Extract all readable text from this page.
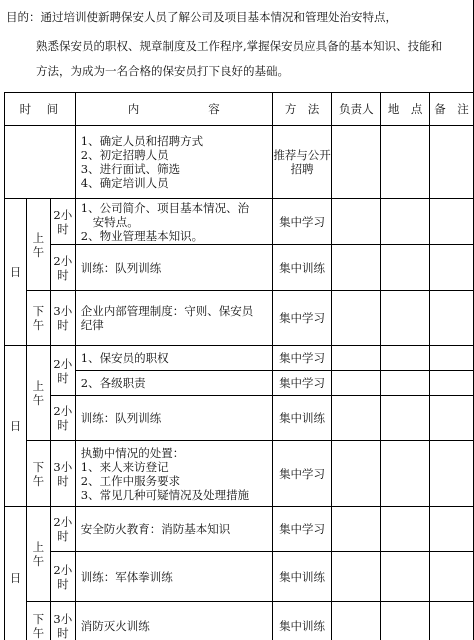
目的：通过培训使新聘保安人员了解公司及项目基本情况和管理处治安特点，
熟悉保安员的职权、规章制度及工作程序,掌握保安员应具备的基本知识、技能和
方法，为成为一名合格的保安员打下良好的基础。
时　间			内　　　　　　容	方　法	负责人	地　点	备　注

			1、确定人员和招聘方式
2、初定招聘人员
3、进行面试、筛选
4、确定培训人员	推荐与公开招聘			
日	上午	2小时	1、公司简介、项目基本情况、治
安特点。
2、物业管理基本知识。	集中学习			
		2小时	训练：队列训练	集中训练			
	下午	3小时	企业内部管理制度：守则、保安员
纪律	集中学习			
日	上午	2小时	1、保安员的职权	集中学习			
			2、各级职责	集中学习			
		2小时	训练：队列训练	集中训练			
	下午	3小时	执勤中情况的处置：
1、来人来访登记
2、工作中服务要求
3、常见几种可疑情况及处理措施	集中学习			
日	上午	2小时	安全防火教育：消防基本知识	集中学习			
		2小时	训练：军体拳训练	集中训练			
	下午	3小时	消防灭火训练	集中训练			
